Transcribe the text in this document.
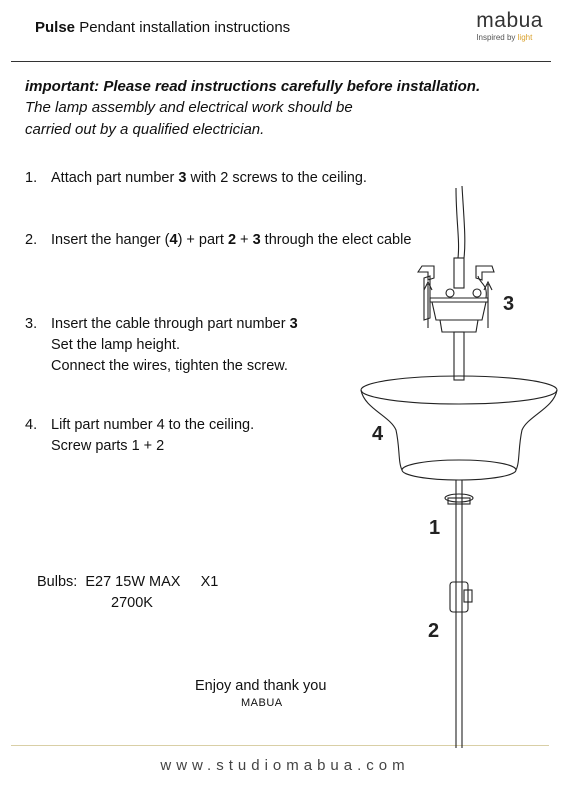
Pulse Pendant installation instructions	mabua
Inspired by light
important: Please read instructions carefully before installation.
The lamp assembly and electrical work should be
carried out by a qualified electrician.
1. Attach part number 3 with 2 screws to the ceiling.
2. Insert the hanger (4) + part 2 + 3 through the elect cable
3. Insert the cable through part number 3
Set the lamp height.
Connect the wires, tighten the screw.
4. Lift part number 4 to the ceiling.
Screw parts 1 + 2
Bulbs:  E27 15W MAX     X1
2700K
Enjoy and thank you
MABUA
www.studiomabua.com
3
4
1
2
